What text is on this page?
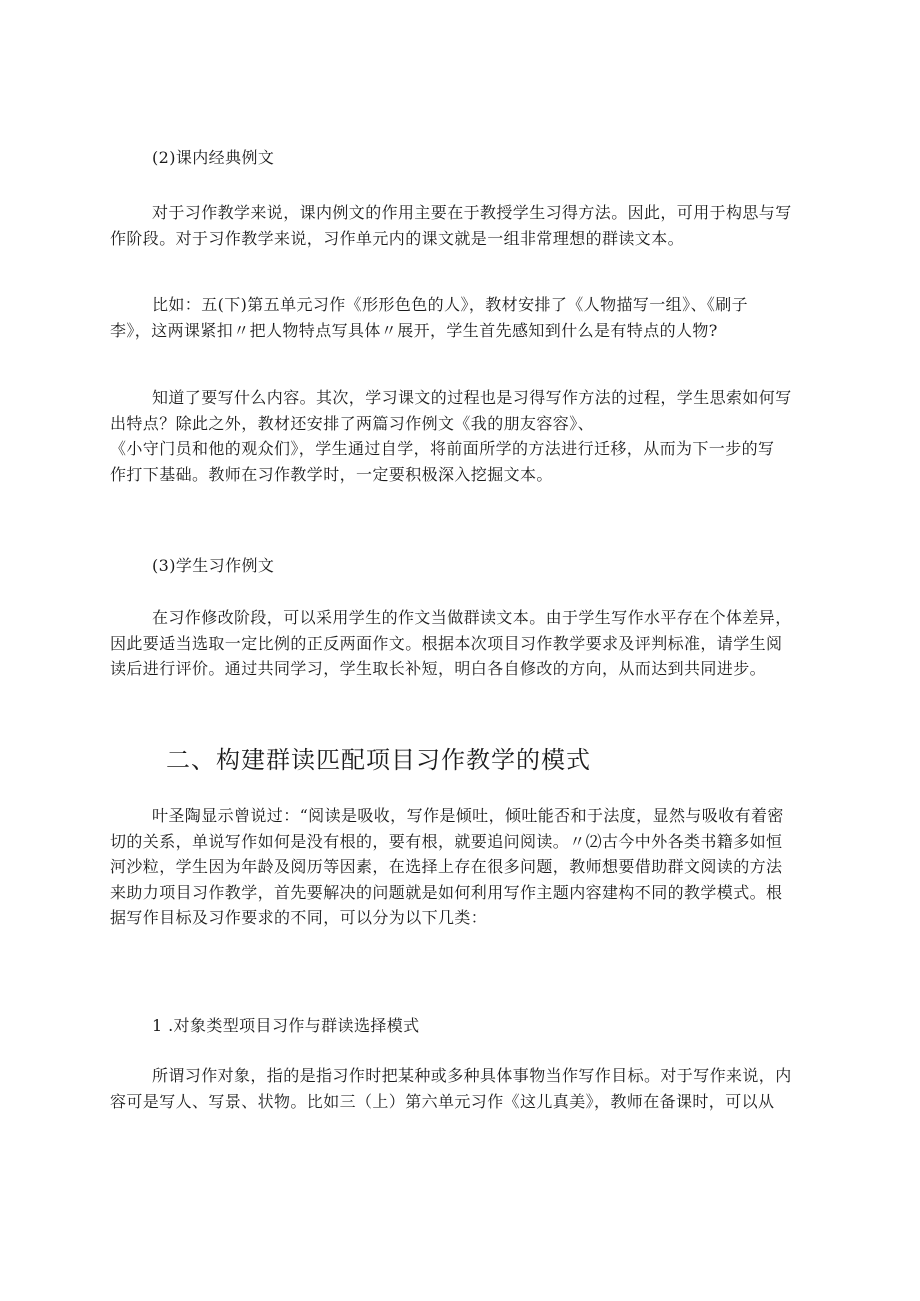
(2)课内经典例文
对于习作教学来说，课内例文的作用主要在于教授学生习得方法。因此，可用于构思与写
作阶段。对于习作教学来说，习作单元内的课文就是一组非常理想的群读文本。
比如：五(下)第五单元习作《形形色色的人》，教材安排了《人物描写一组》、《刷子
李》，这两课紧扣〃把人物特点写具体〃展开，学生首先感知到什么是有特点的人物?
知道了要写什么内容。其次，学习课文的过程也是习得写作方法的过程，学生思索如何写
出特点？除此之外，教材还安排了两篇习作例文《我的朋友容容》、
《小守门员和他的观众们》，学生通过自学，将前面所学的方法进行迁移，从而为下一步的写
作打下基础。教师在习作教学时，一定要积极深入挖掘文本。
(3)学生习作例文
在习作修改阶段，可以采用学生的作文当做群读文本。由于学生写作水平存在个体差异，
因此要适当选取一定比例的正反两面作文。根据本次项目习作教学要求及评判标准，请学生阅
读后进行评价。通过共同学习，学生取长补短，明白各自修改的方向，从而达到共同进步。
二、构建群读匹配项目习作教学的模式
叶圣陶显示曾说过：“阅读是吸收，写作是倾吐，倾吐能否和于法度，显然与吸收有着密
切的关系，单说写作如何是没有根的，要有根，就要追问阅读。〃⑵古今中外各类书籍多如恒
河沙粒，学生因为年龄及阅历等因素，在选择上存在很多问题，教师想要借助群文阅读的方法
来助力项目习作教学，首先要解决的问题就是如何利用写作主题内容建构不同的教学模式。根
据写作目标及习作要求的不同，可以分为以下几类：
1 .对象类型项目习作与群读选择模式
所谓习作对象，指的是指习作时把某种或多种具体事物当作写作目标。对于写作来说，内
容可是写人、写景、状物。比如三（上）第六单元习作《这儿真美》，教师在备课时，可以从
